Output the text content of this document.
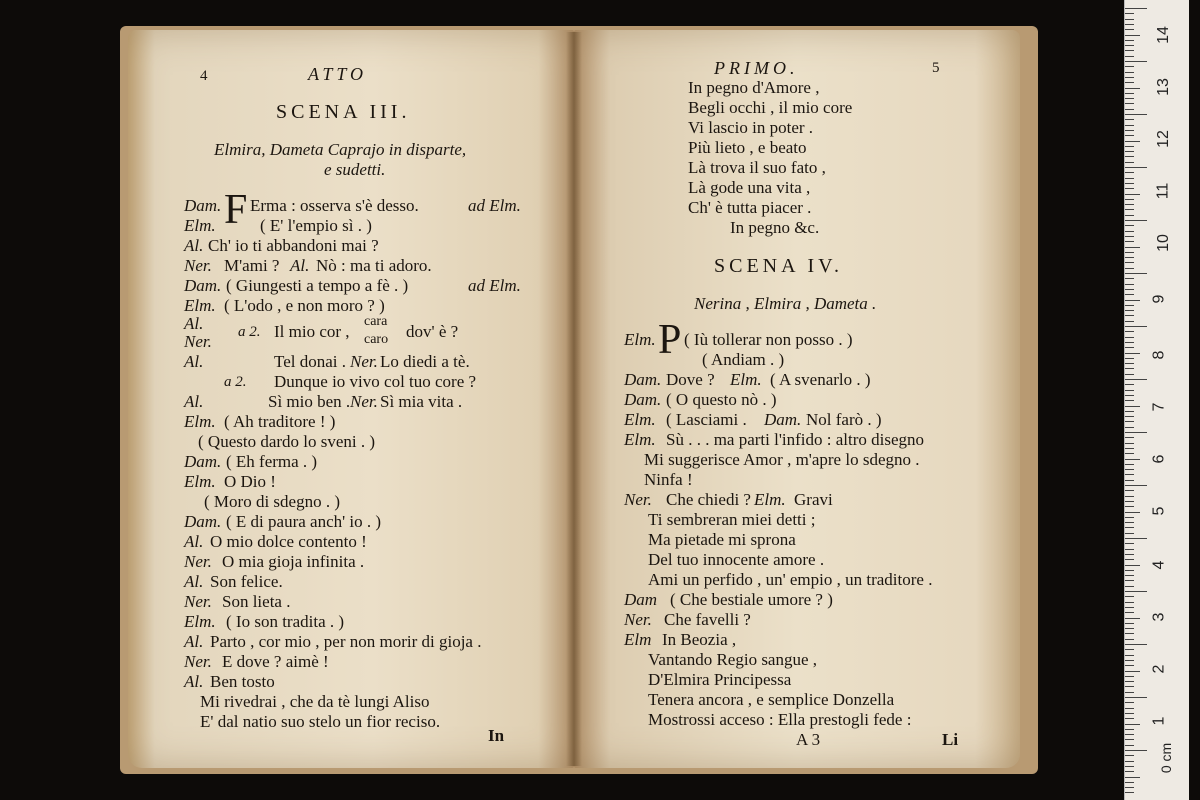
4	ATTO
SCENA III.
Elmira, Dameta Caprajo in disparte,
e sudetti.
F
Dam. Erma : osserva s'è desso.	ad Elm.
Elm.	( E' l'empio sì . )
Al. Ch' io ti abbandoni mai ?
Ner. M'ami ? Al. Nò : ma ti adoro.
Dam. ( Giungesti a tempo a fè . )	ad Elm.
Elm. ( L'odo , e non moro ? )
Al.
Ner. a 2. Il mio cor ,
cara
caro dov' è ?
Al.	Tel donai . Ner. Lo diedi a tè.
a 2. Dunque io vivo col tuo core ?
Al.	Sì mio ben . Ner. Sì mia vita .
Elm. ( Ah traditore ! )
( Questo dardo lo sveni . )
Dam. ( Eh ferma . )
Elm. O Dio !
( Moro di sdegno . )
Dam. ( E di paura anch' io . )
Al. O mio dolce contento !
Ner. O mia gioja infinita .
Al. Son felice.
Ner. Son lieta .
Elm. ( Io son tradita . )
Al. Parto , cor mio , per non morir di gioja .
Ner. E dove ? aimè !
Al. Ben tosto
Mi rivedrai , che da tè lungi Aliso
E' dal natio suo stelo un fior reciso.
In
PRIMO.	5
In pegno d'Amore ,
Begli occhi , il mio core
Vi lascio in poter .
Più lieto , e beato
Là trova il suo fato ,
Là gode una vita ,
Ch' è tutta piacer .
In pegno &c.
SCENA IV.
Nerina , Elmira , Dameta .
P
Elm. ( Iù tollerar non posso . )
( Andiam . )
Dam. Dove ? Elm. ( A svenarlo . )
Dam. ( O questo nò . )
Elm. ( Lasciami . Dam. Nol farò . )
Elm. Sù . . . ma parti l'infido : altro disegno
Mi suggerisce Amor , m'apre lo sdegno .
Ninfa !
Ner. Che chiedi ? Elm. Gravi
Ti sembreran miei detti ;
Ma pietade mi sprona
Del tuo innocente amore .
Ami un perfido , un' empio , un traditore .
Dam ( Che bestiale umore ? )
Ner. Che favelli ?
Elm In Beozia ,
Vantando Regio sangue ,
D'Elmira Principessa
Tenera ancora , e semplice Donzella
Mostrossi acceso : Ella prestogli fede :
A 3	Li
14
13
12
11
10
9
8
7
6
5
4
3
2
1
0 cm
